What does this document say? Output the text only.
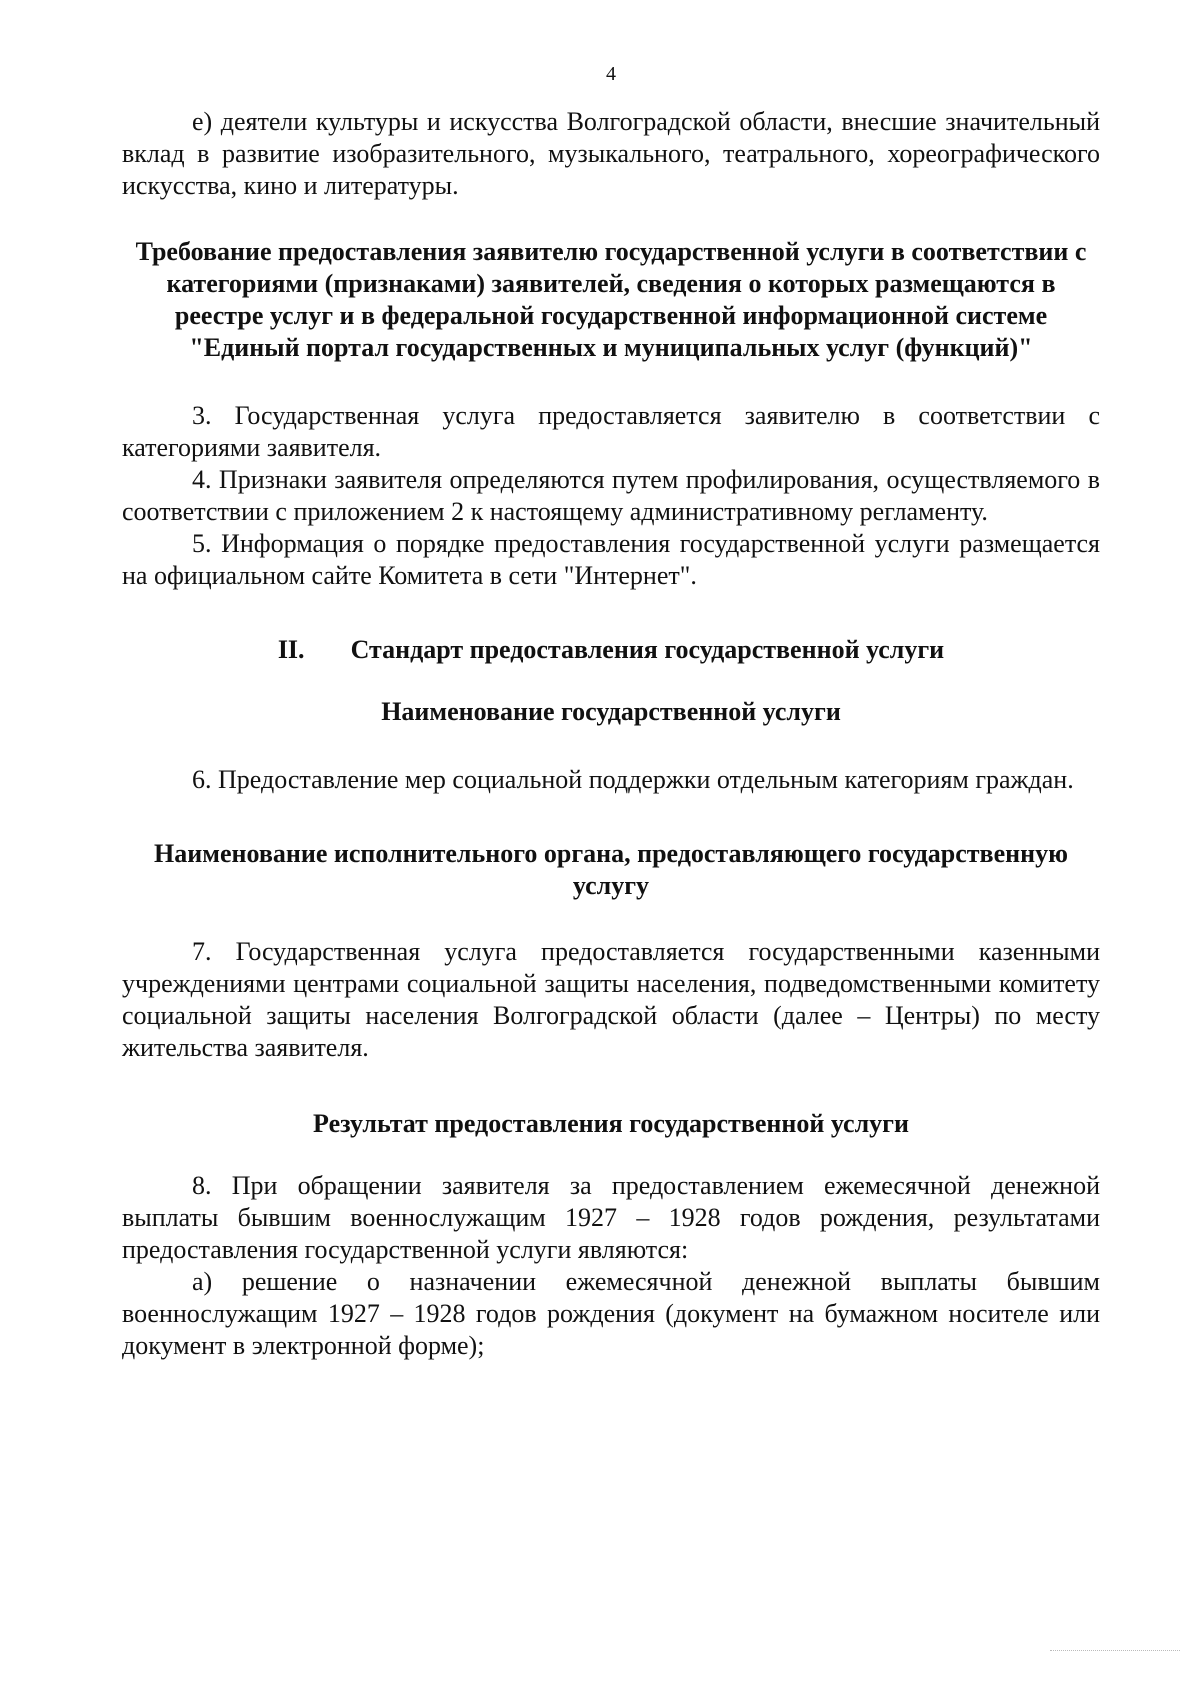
4

е) деятели культуры и искусства Волгоградской области, внесшие значительный вклад в развитие изобразительного, музыкального, театрального, хореографического искусства, кино и литературы.

Требование предоставления заявителю государственной услуги в соответствии с категориями (признаками) заявителей, сведения о которых размещаются в реестре услуг и в федеральной государственной информационной системе "Единый портал государственных и муниципальных услуг (функций)"

3. Государственная услуга предоставляется заявителю в соответствии с категориями заявителя.

4. Признаки заявителя определяются путем профилирования, осуществляемого в соответствии с приложением 2 к настоящему административному регламенту.

5. Информация о порядке предоставления государственной услуги размещается на официальном сайте Комитета в сети "Интернет".

II. Стандарт предоставления государственной услуги
Наименование государственной услуги

6. Предоставление мер социальной поддержки отдельным категориям граждан.

Наименование исполнительного органа, предоставляющего государственную услугу

7. Государственная услуга предоставляется государственными казенными учреждениями центрами социальной защиты населения, подведомственными комитету социальной защиты населения Волгоградской области (далее – Центры) по месту жительства заявителя.

Результат предоставления государственной услуги

8. При обращении заявителя за предоставлением ежемесячной денежной выплаты бывшим военнослужащим 1927 – 1928 годов рождения, результатами предоставления государственной услуги являются:

а) решение о назначении ежемесячной денежной выплаты бывшим военнослужащим 1927 – 1928 годов рождения (документ на бумажном носителе или документ в электронной форме);
